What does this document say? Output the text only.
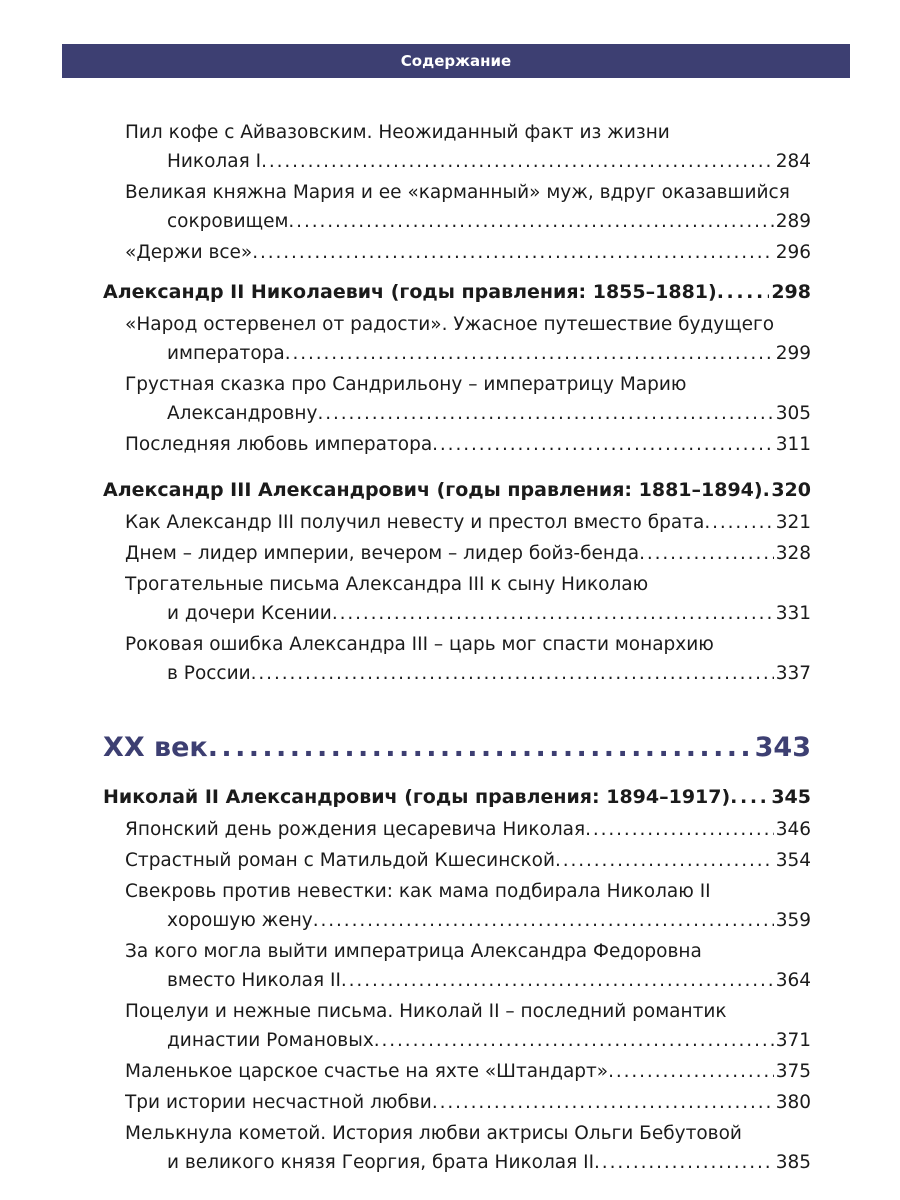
Содержание
Пил кофе с Айвазовским. Неожиданный факт из жизни
Николая I . . .	284
Великая княжна Мария и ее «карманный» муж, вдруг оказавшийся
сокровищем . . .	289
«Держи все» . . .	296
Александр II Николаевич (годы правления: 1855–1881) . . .	298
«Народ остервенел от радости». Ужасное путешествие будущего
императора . . .	299
Грустная сказка про Сандрильону – императрицу Марию
Александровну . . .	305
Последняя любовь императора . . .	311
Александр III Александрович (годы правления: 1881–1894) . . . 320
Как Александр III получил невесту и престол вместо брата . . .	321
Днем – лидер империи, вечером – лидер бойз-бенда . . .	328
Трогательные письма Александра III к сыну Николаю
и дочери Ксении . . .	331
Роковая ошибка Александра III – царь мог спасти монархию
в России . . .	337
XX век . . .	343
Николай II Александрович (годы правления: 1894–1917) . . . 345
Японский день рождения цесаревича Николая . . .	346
Страстный роман с Матильдой Кшесинской . . .	354
Свекровь против невестки: как мама подбирала Николаю II
хорошую жену . . .	359
За кого могла выйти императрица Александра Федоровна
вместо Николая II . . .	364
Поцелуи и нежные письма. Николай II – последний романтик
династии Романовых . . .	371
Маленькое царское счастье на яхте «Штандарт» . . .	375
Три истории несчастной любви . . .	380
Мелькнула кометой. История любви актрисы Ольги Бебутовой
и великого князя Георгия, брата Николая II . . .	385
